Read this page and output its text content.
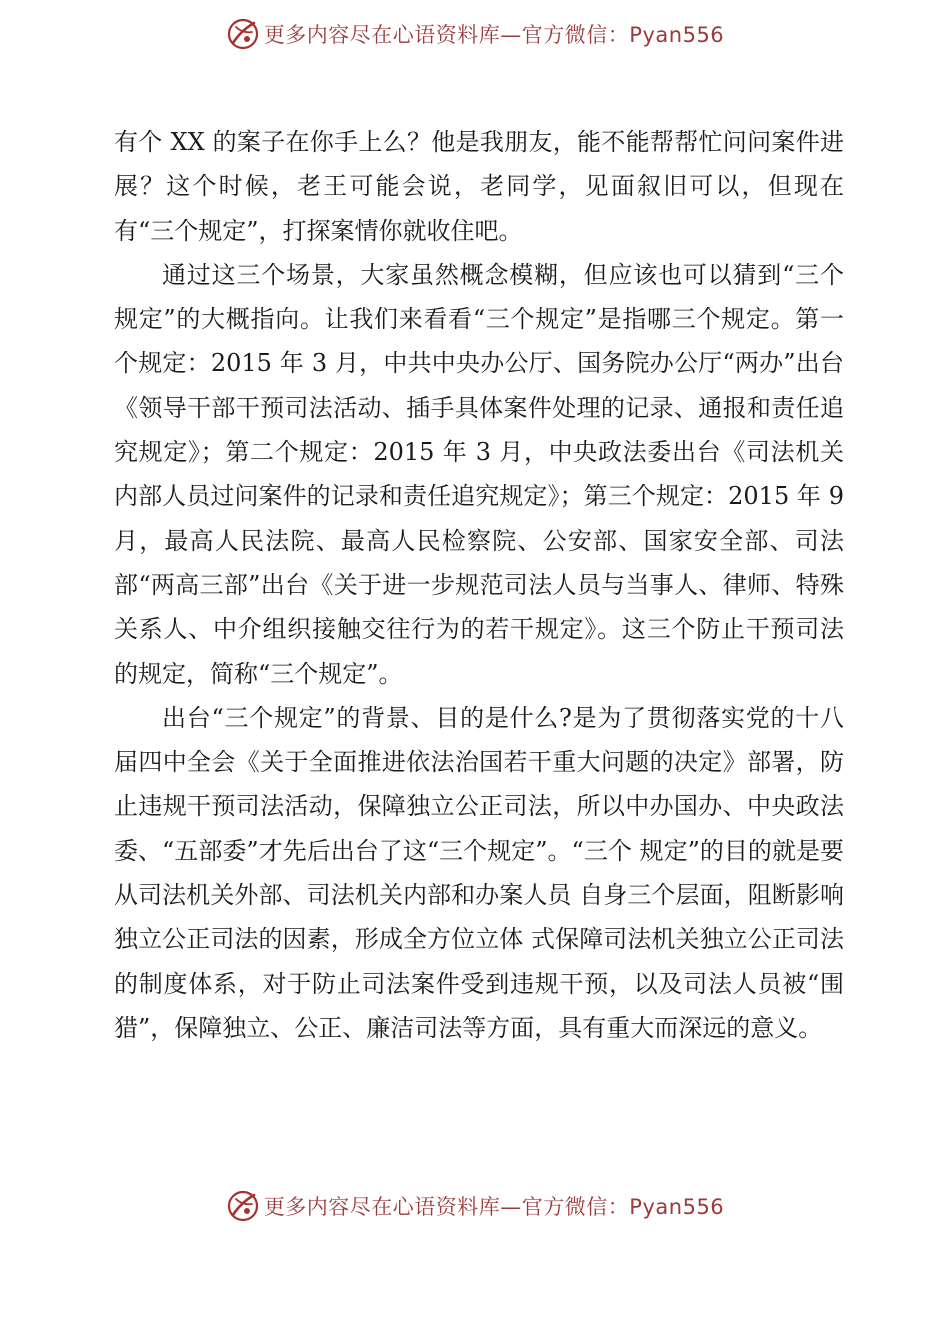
更多内容尽在心语资料库—官方微信：Pyan556

有个 XX 的案子在你手上么？他是我朋友，能不能帮帮忙问问案件进展？这个时候，老王可能会说，老同学，见面叙旧可以，但现在有“三个规定”，打探案情你就收住吧。

通过这三个场景，大家虽然概念模糊，但应该也可以猜到“三个规定”的大概指向。让我们来看看“三个规定”是指哪三个规定。第一个规定：2015 年 3 月，中共中央办公厅、国务院办公厅“两办”出台《领导干部干预司法活动、插手具体案件处理的记录、通报和责任追究规定》；第二个规定：2015 年 3 月，中央政法委出台《司法机关内部人员过问案件的记录和责任追究规定》；第三个规定：2015 年 9 月，最高人民法院、最高人民检察院、公安部、国家安全部、司法部“两高三部”出台《关于进一步规范司法人员与当事人、律师、特殊关系人、中介组织接触交往行为的若干规定》。这三个防止干预司法的规定，简称“三个规定”。

出台“三个规定”的背景、目的是什么?是为了贯彻落实党的十八届四中全会《关于全面推进依法治国若干重大问题的决定》部署，防止违规干预司法活动，保障独立公正司法，所以中办国办、中央政法委、“五部委”才先后出台了这“三个规定”。“三个 规定”的目的就是要从司法机关外部、司法机关内部和办案人员 自身三个层面，阻断影响独立公正司法的因素，形成全方位立体 式保障司法机关独立公正司法的制度体系，对于防止司法案件受到违规干预，以及司法人员被“围猎”，保障独立、公正、廉洁司法等方面，具有重大而深远的意义。

更多内容尽在心语资料库—官方微信：Pyan556
